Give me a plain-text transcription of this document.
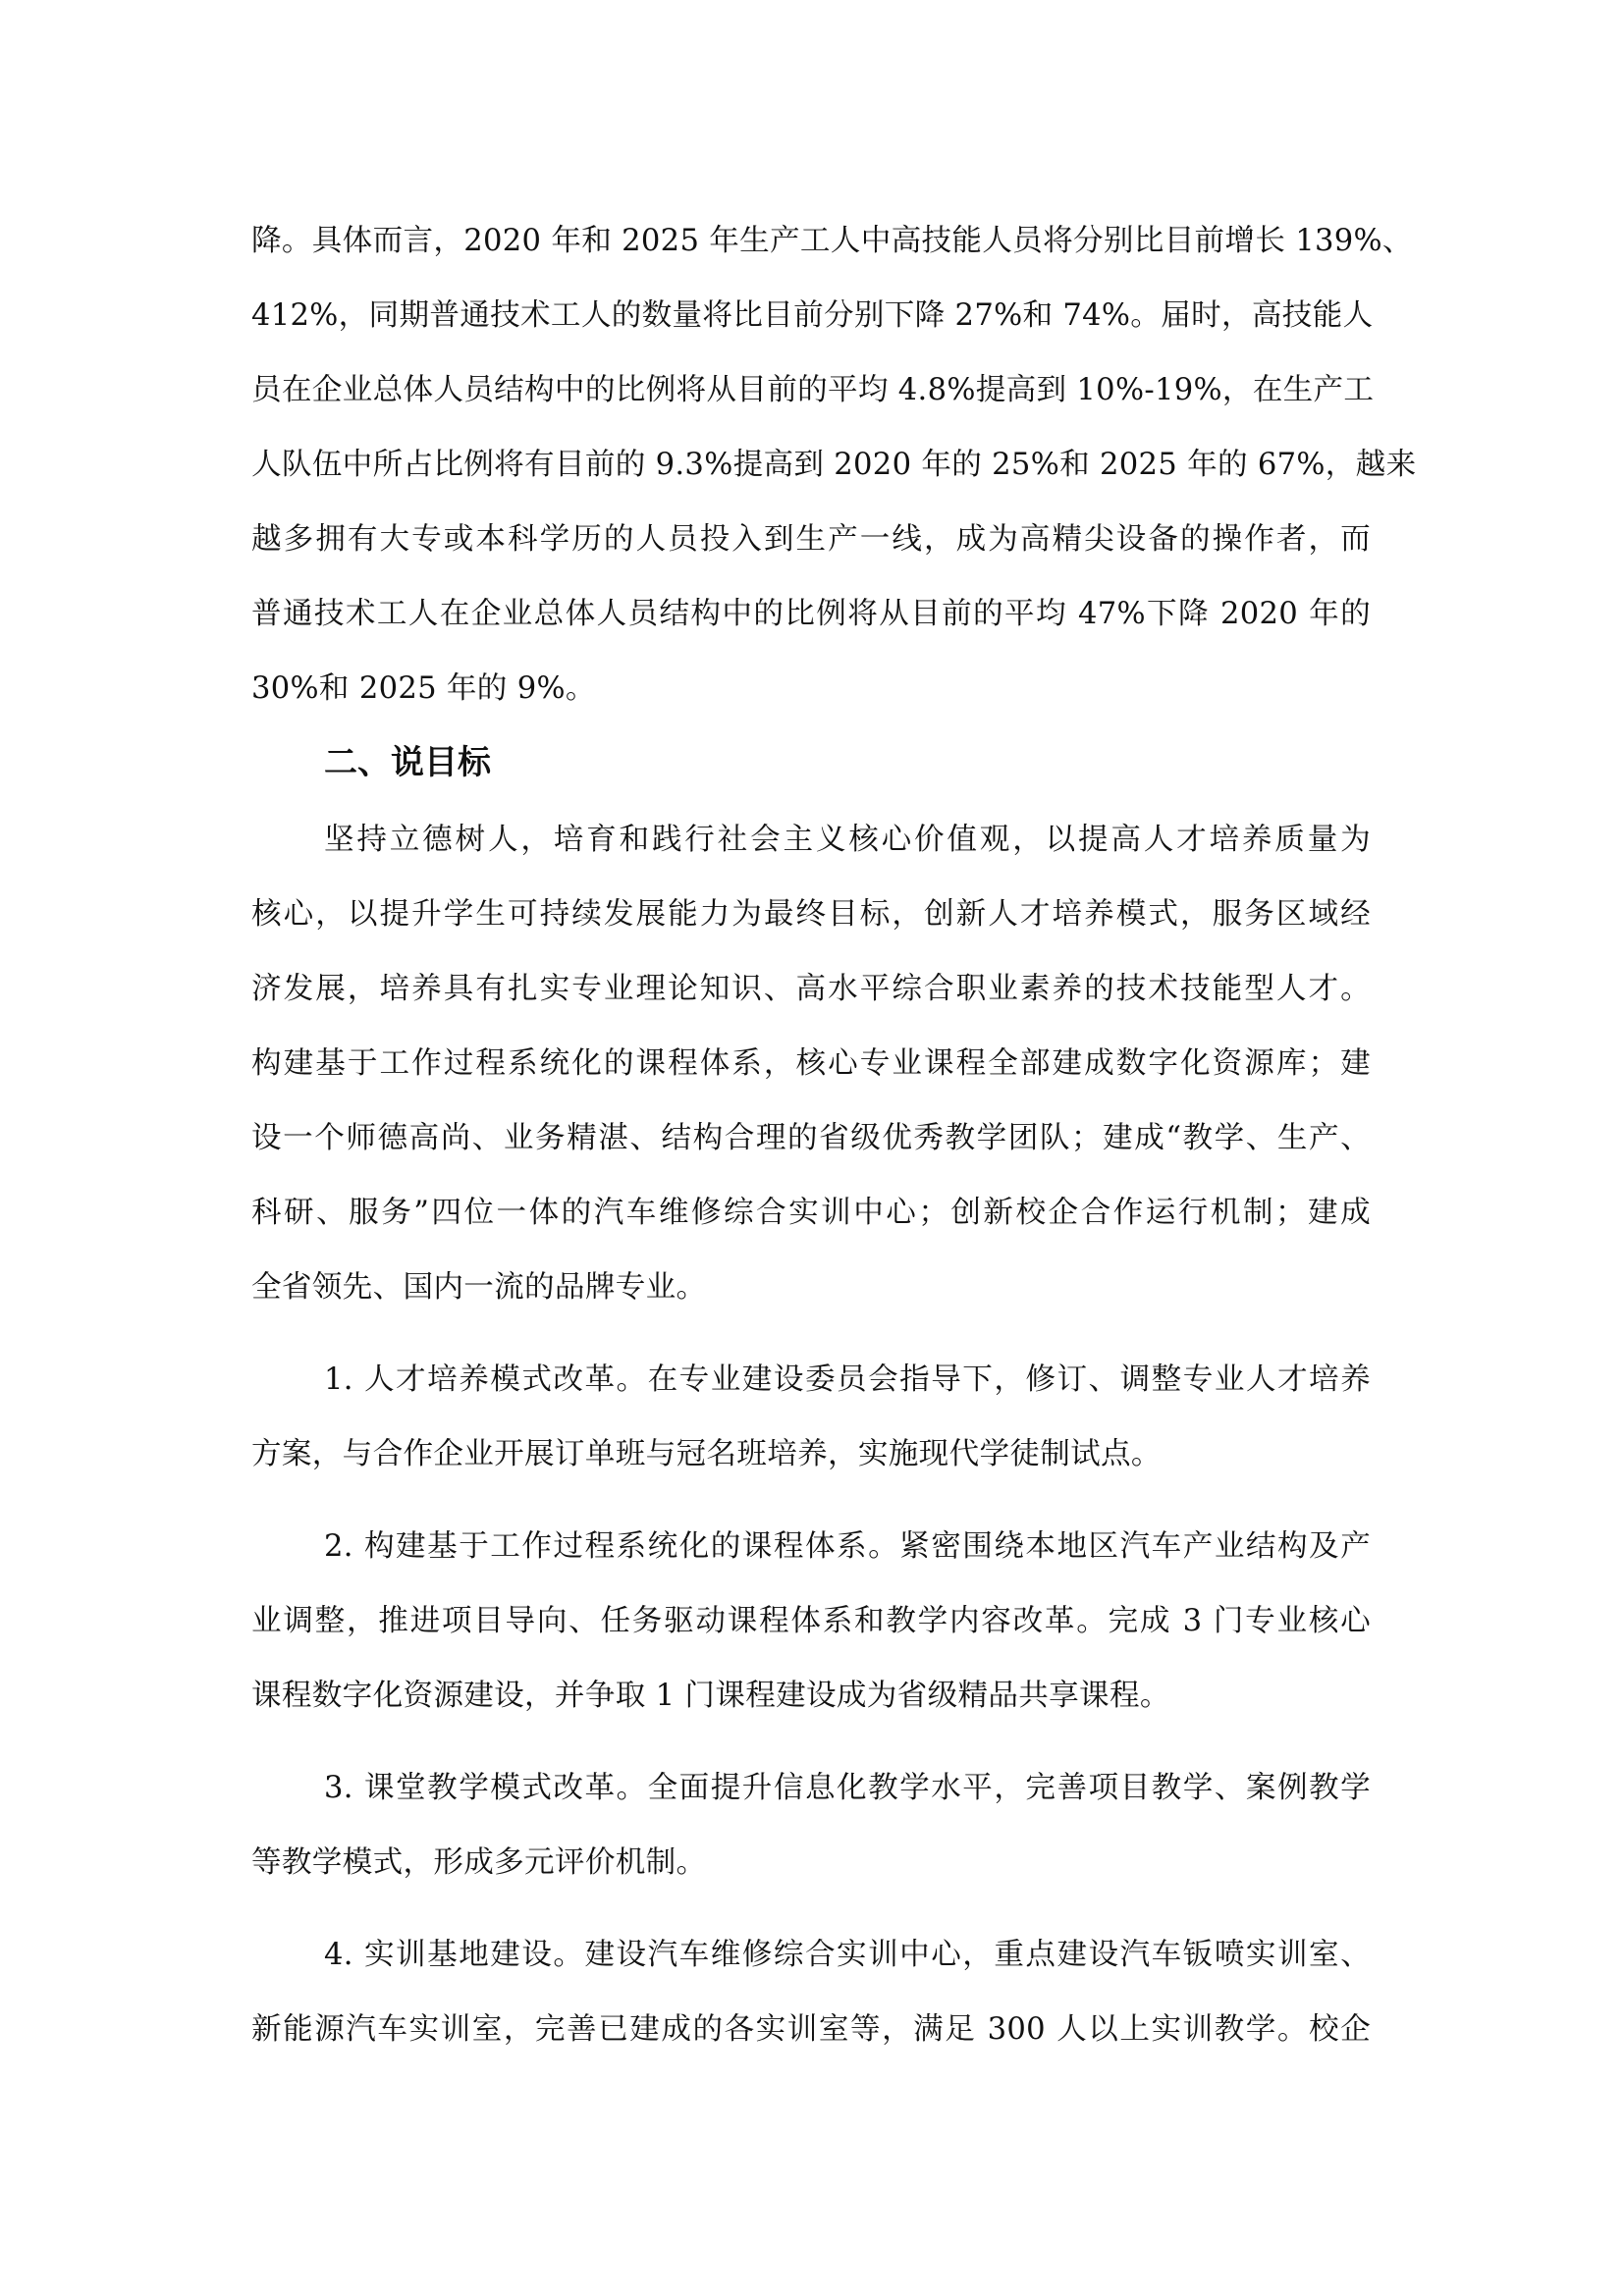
降。具体而言，2020 年和 2025 年生产工人中高技能人员将分别比目前增长 139%、
412%，同期普通技术工人的数量将比目前分别下降 27%和 74%。届时，高技能人
员在企业总体人员结构中的比例将从目前的平均 4.8%提高到 10%-19%，在生产工
人队伍中所占比例将有目前的 9.3%提高到 2020 年的 25%和 2025 年的 67%，越来
越多拥有大专或本科学历的人员投入到生产一线，成为高精尖设备的操作者，而
普通技术工人在企业总体人员结构中的比例将从目前的平均 47%下降 2020 年的
30%和 2025 年的 9%。
二、说目标
坚持立德树人，培育和践行社会主义核心价值观，以提高人才培养质量为
核心，以提升学生可持续发展能力为最终目标，创新人才培养模式，服务区域经
济发展，培养具有扎实专业理论知识、高水平综合职业素养的技术技能型人才。
构建基于工作过程系统化的课程体系，核心专业课程全部建成数字化资源库；建
设一个师德高尚、业务精湛、结构合理的省级优秀教学团队；建成“教学、生产、
科研、服务”四位一体的汽车维修综合实训中心；创新校企合作运行机制；建成
全省领先、国内一流的品牌专业。
1. 人才培养模式改革。在专业建设委员会指导下，修订、调整专业人才培养
方案，与合作企业开展订单班与冠名班培养，实施现代学徒制试点。
2. 构建基于工作过程系统化的课程体系。紧密围绕本地区汽车产业结构及产
业调整，推进项目导向、任务驱动课程体系和教学内容改革。完成 3 门专业核心
课程数字化资源建设，并争取 1 门课程建设成为省级精品共享课程。
3. 课堂教学模式改革。全面提升信息化教学水平，完善项目教学、案例教学
等教学模式，形成多元评价机制。
4. 实训基地建设。建设汽车维修综合实训中心，重点建设汽车钣喷实训室、
新能源汽车实训室，完善已建成的各实训室等，满足 300 人以上实训教学。校企
